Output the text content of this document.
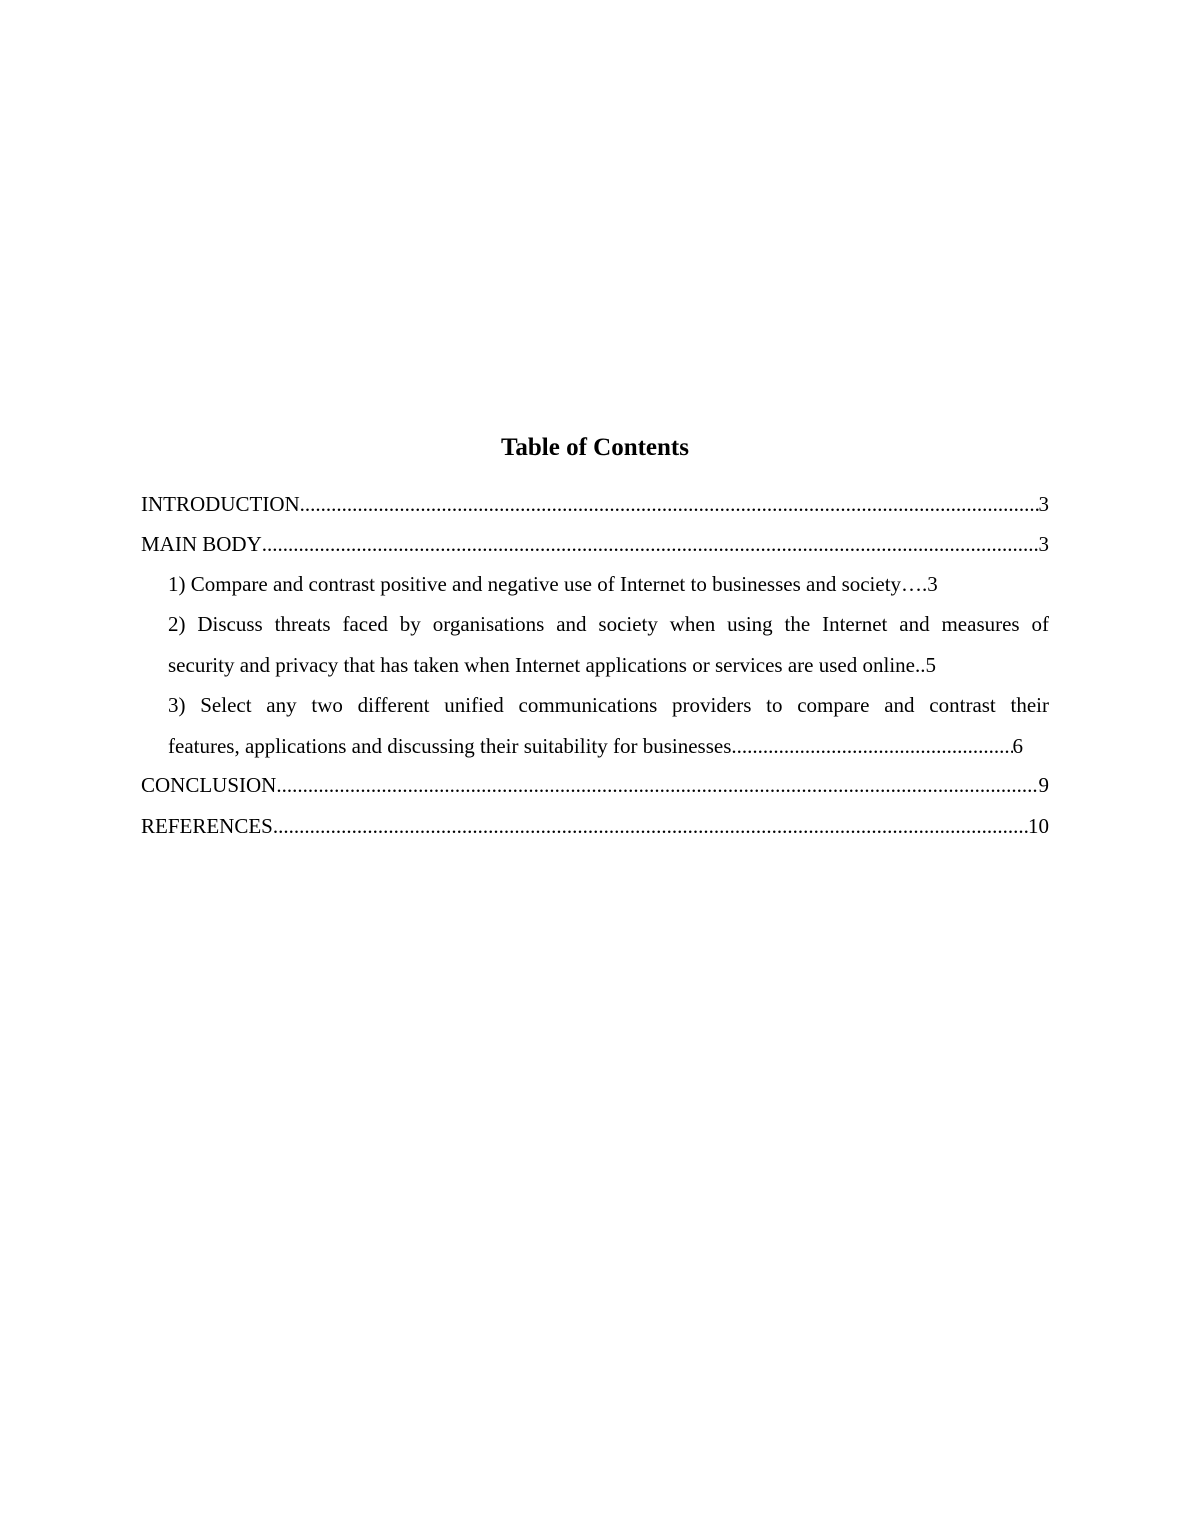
Table of Contents
INTRODUCTION .....	3
MAIN BODY .....	3
1) Compare and contrast positive and negative use of Internet to businesses and society….3
2) Discuss threats faced by organisations and society when using the Internet and measures of
security and privacy that has taken when Internet applications or services are used online..5
3) Select any two different unified communications providers to compare and contrast their
features, applications and discussing their suitability for businesses .....	6
CONCLUSION .....	9
REFERENCES .....	10
